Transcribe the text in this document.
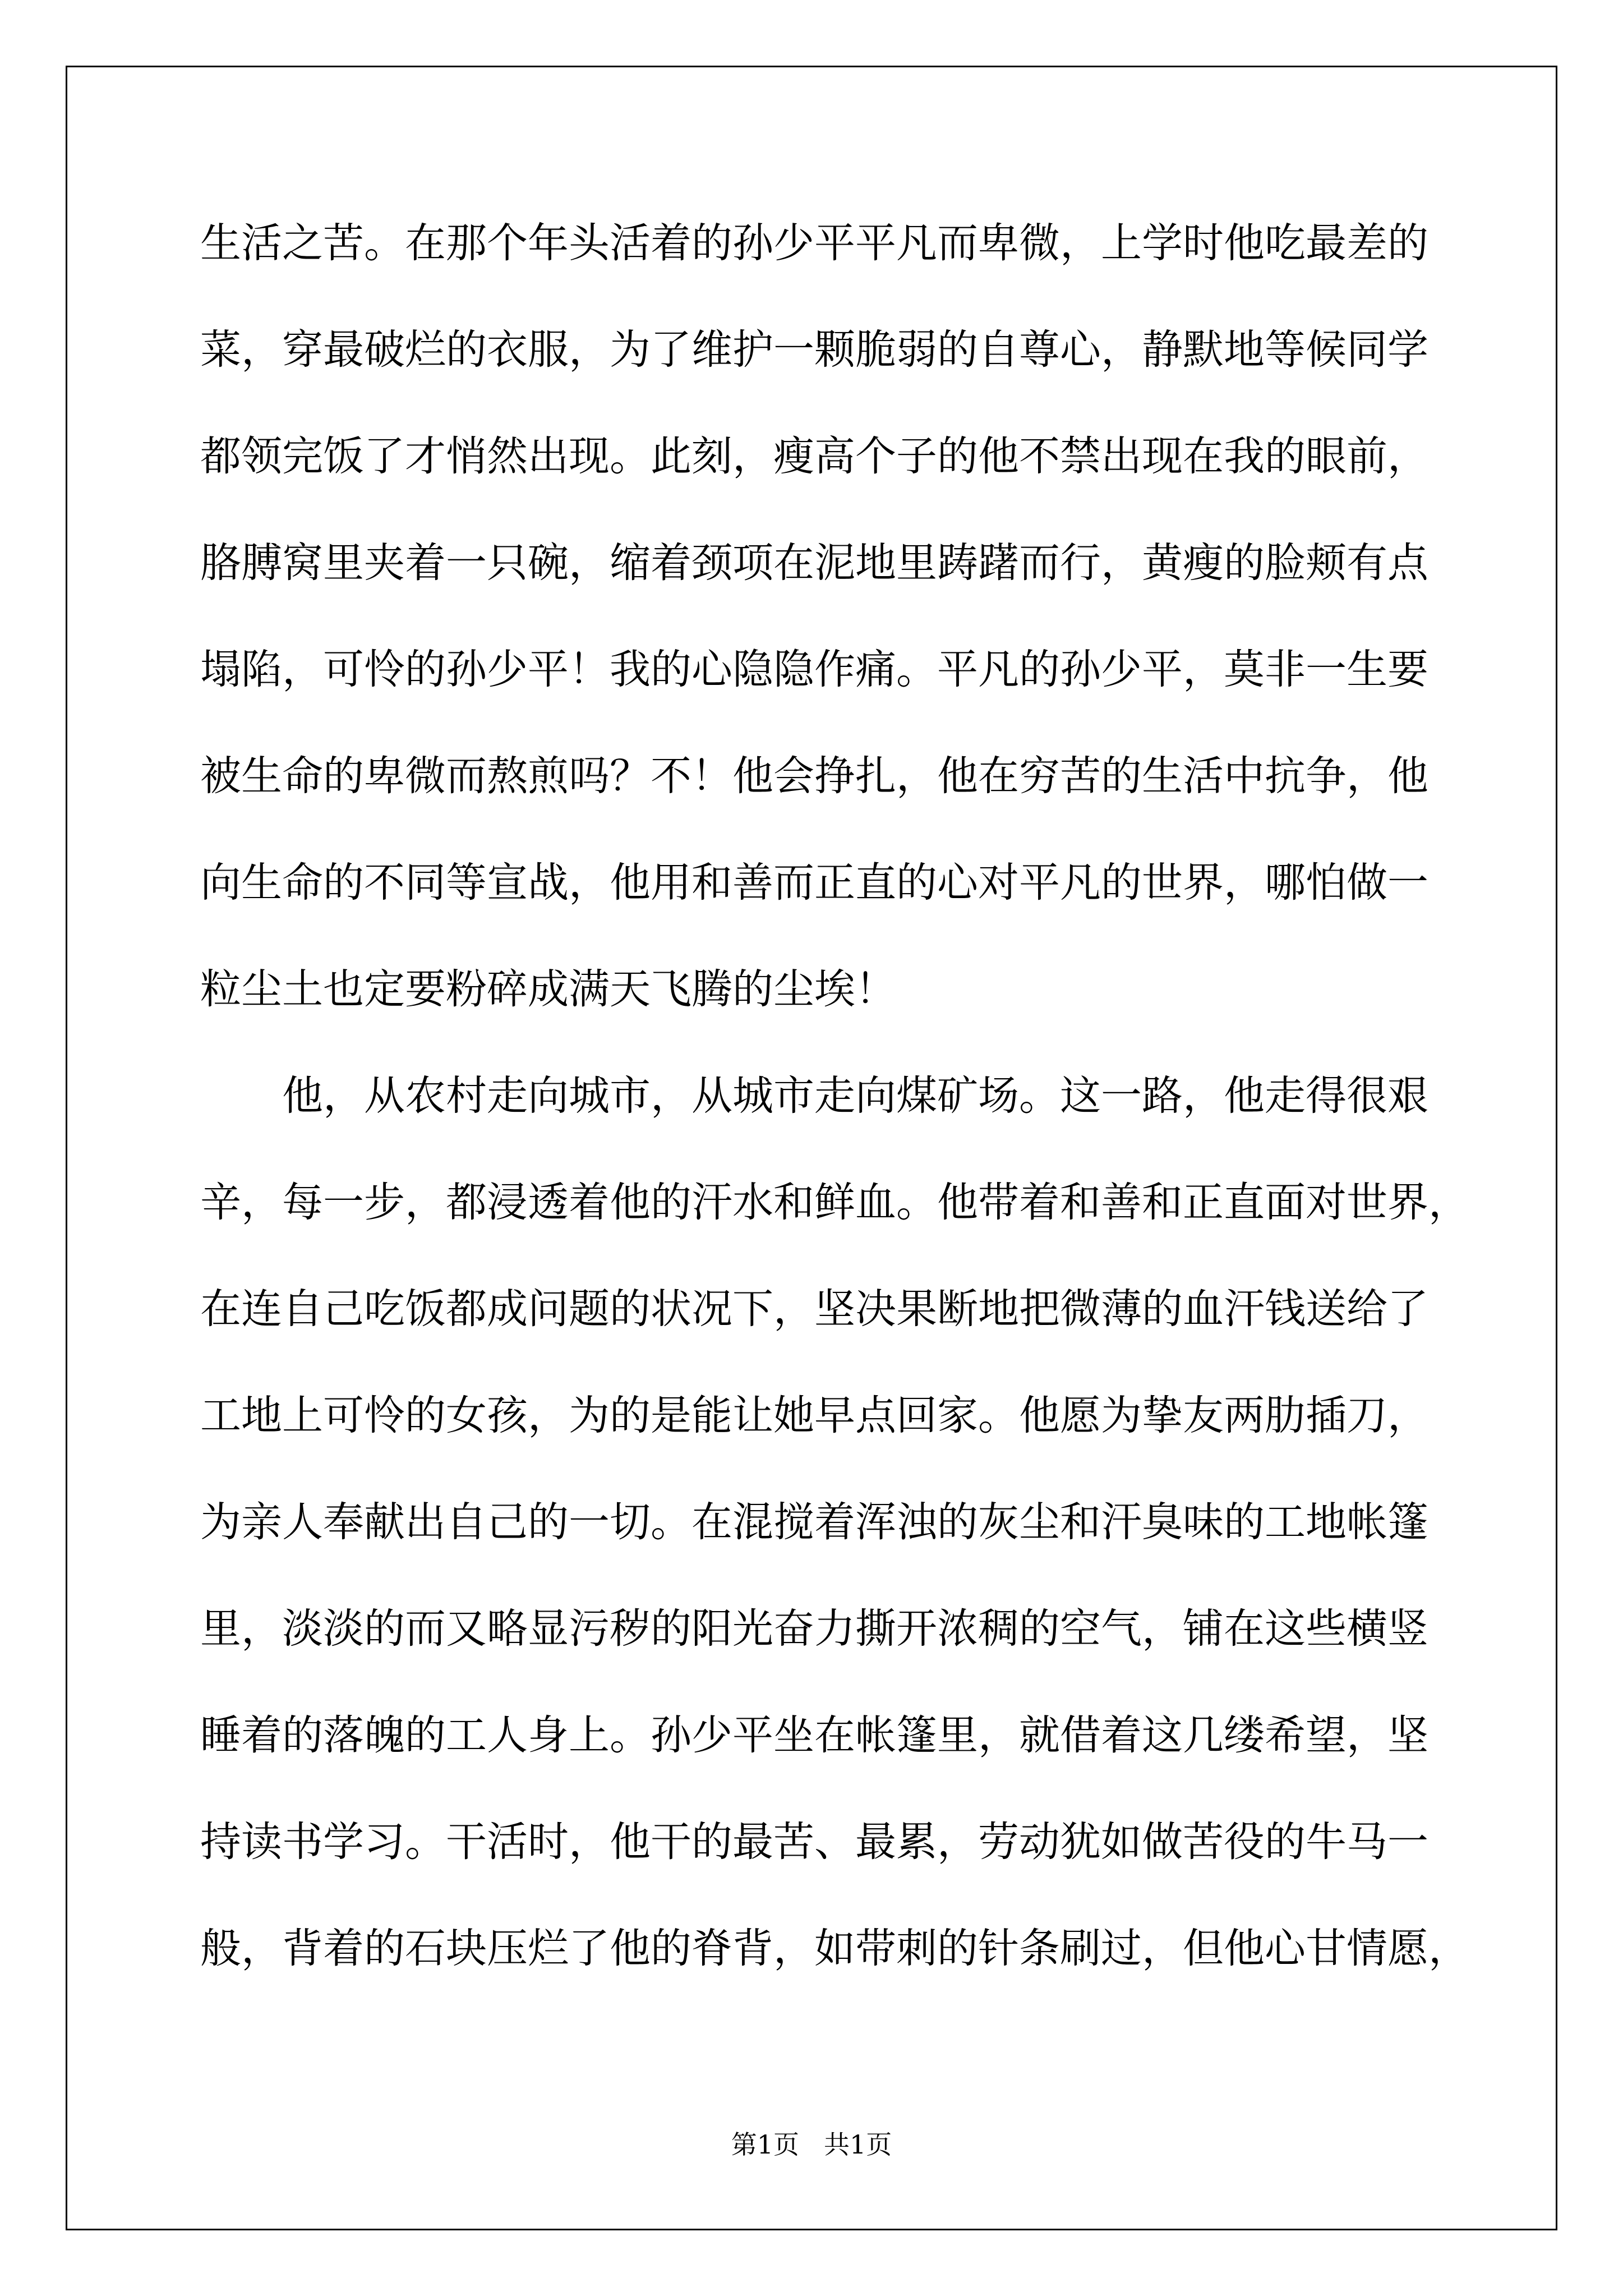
生活之苦。在那个年头活着的孙少平平凡而卑微，上学时他吃最差的
菜，穿最破烂的衣服，为了维护一颗脆弱的自尊心，静默地等候同学
都领完饭了才悄然出现。此刻，瘦高个子的他不禁出现在我的眼前，
胳膊窝里夹着一只碗，缩着颈项在泥地里踌躇而行，黄瘦的脸颊有点
塌陷，可怜的孙少平！我的心隐隐作痛。平凡的孙少平，莫非一生要
被生命的卑微而熬煎吗？不！他会挣扎，他在穷苦的生活中抗争，他
向生命的不同等宣战，他用和善而正直的心对平凡的世界，哪怕做一
粒尘土也定要粉碎成满天飞腾的尘埃！
　　他，从农村走向城市，从城市走向煤矿场。这一路，他走得很艰
辛，每一步，都浸透着他的汗水和鲜血。他带着和善和正直面对世界，
在连自己吃饭都成问题的状况下，坚决果断地把微薄的血汗钱送给了
工地上可怜的女孩，为的是能让她早点回家。他愿为挚友两肋插刀，
为亲人奉献出自己的一切。在混搅着浑浊的灰尘和汗臭味的工地帐篷
里，淡淡的而又略显污秽的阳光奋力撕开浓稠的空气，铺在这些横竖
睡着的落魄的工人身上。孙少平坐在帐篷里，就借着这几缕希望，坚
持读书学习。干活时，他干的最苦、最累，劳动犹如做苦役的牛马一
般，背着的石块压烂了他的脊背，如带刺的针条刷过，但他心甘情愿，
第1页 共1页
